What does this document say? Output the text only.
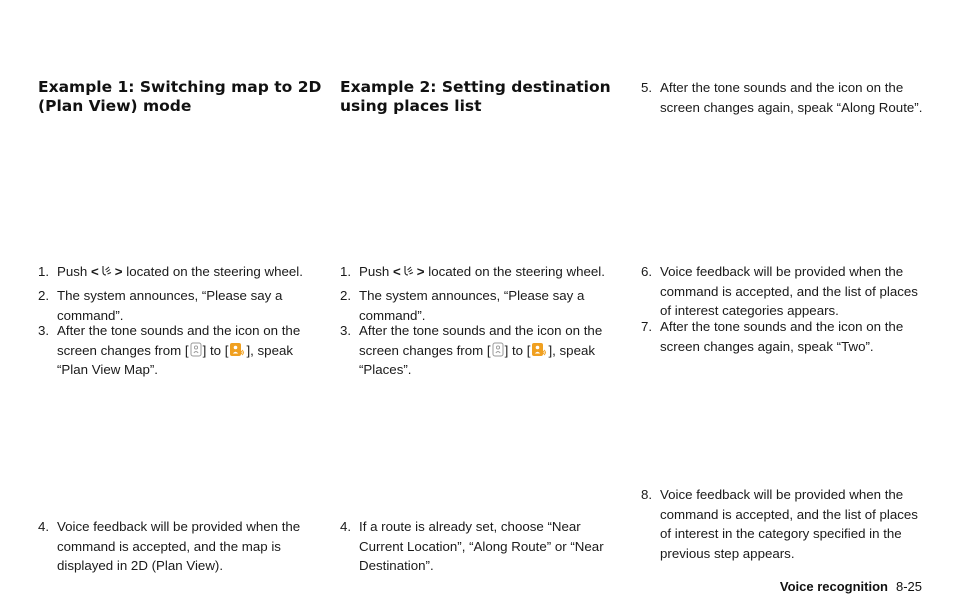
Example 1: Switching map to 2D
(Plan View) mode
1. Push < > located on the steering wheel.
2. The system announces, “Please say a
command”.
3. After the tone sounds and the icon on the
screen changes from [ ] to [ ], speak
“Plan View Map”.
4. Voice feedback will be provided when the
command is accepted, and the map is
displayed in 2D (Plan View).
Example 2: Setting destination
using places list
1. Push < > located on the steering wheel.
2. The system announces, “Please say a
command”.
3. After the tone sounds and the icon on the
screen changes from [ ] to [ ], speak
“Places”.
4. If a route is already set, choose “Near
Current Location”, “Along Route” or “Near
Destination”.
5. After the tone sounds and the icon on the
screen changes again, speak “Along Route”.
6. Voice feedback will be provided when the
command is accepted, and the list of places
of interest categories appears.
7. After the tone sounds and the icon on the
screen changes again, speak “Two”.
8. Voice feedback will be provided when the
command is accepted, and the list of places
of interest in the category specified in the
previous step appears.
Voice recognition 8-25
